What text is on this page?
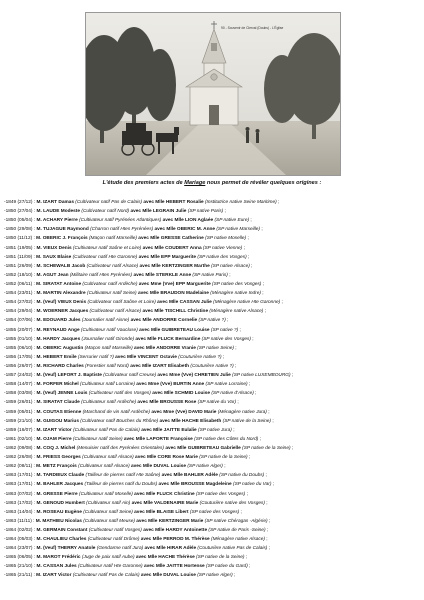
90 - Souvenir de Clerval (Doubs) - L'Église
L'étude des premiers actes de Mariage nous permet de révéler quelques origines :
-1849 (27/12) : M. IZART Damas (Cultivateur natif Pas de Calais) avec Mlle HEBERT Rosalie (Institutrice native Seine Maritime) ;
-1850 (27/04) : M. LAUDE Modeste (Cultivateur natif Nord) avec Mlle LEGRAIN Julie (SP native Paris) ;
-1850 (05/04) : M. ACHARY Pierre (Cultivateur natif Pyrénées Atlantiques) avec Mlle LION Aglaée (SP native Eure) ;
-1850 (29/08) : M. TUJAGUE Raymond (Charron natif Htes Pyrénées) avec Mlle OBERIC M. Anne (SP native Marseille) ;
-1850 (11/12) : M. OBERIC J. François (Maçon natif Marseille) avec Mlle GRESSE Catherine (SP native Moselle) ;
-1851 (19/05) : M. VIEUX Denis (Cultivateur natif Saône et Loire) avec Mlle COUDERT Anna (SP native Vienne) ;
-1851 (11/09) : M. SAUX Blaise (Cultivateur natif Hte Garonne) avec Mlle EPP Marguerite (SP native des Vosges) ;
-1851 (26/09) : M. SCHEWALB Jacob (Cultivateur natif Alsace) avec Mlle KERTZINGER Marthe (SP native Alsace) ;
-1852 (18/10) : M. AGUT Jean (Militaire natif Htes Pyrénées) avec Mlle STERKLE Anne (SP native Paris) ;
-1852 (06/11) : M. SIRATAT Antoine (Cultivateur natif Ardèche) avec Mme (Vve) EPP Marguerite (SP native des Vosges) ;
-1854 (23/01) : M. MARTIN Alexandre (Cultivateur natif Seine) avec Mlle BRAUDON Madelaine (Ménagère native Indre) ;
-1854 (27/02) : M. (Veuf) VIEUX Denis (Cultivateur natif Saône et Loire) avec Mlle CASSAN Julie (Ménagère native Hte Garonne) ;
-1854 (29/04) : M. WOERNER Jacques (Cultivateur natif Alsace) avec Mlle TISCHILL Christine (Ménagère native Alsace) ;
-1854 (07/06) : M. EDOUARD Jules (Journalier natif Aisne) avec Mlle ANDORRE Cornelie (SP native ?) ;
-1855 (20/07) : M. REYNAUD Ange (Cultivateur natif Vaucluse) avec Mlle GUIBRETEAU Louise (SP native ?) ;
-1855 (01/10) : M. HARDY Jacques (Journalier natif Gironde) avec Mlle FLUCK Bernardine (SP native des Vosges) ;
-1855 (06/10) : M. OBERIC Augustin (Maçon natif Marseille) avec Mlle ANDORRE Vranie (SP native Seine) ;
-1856 (17/05) : M. HEBERT Emile (Serrurier natif ?) avec Mlle VINCENT Octavie (Couturière native ?) ;
-1856 (26/07) : M. RICHARD Charles (Forestier natif Nord) avec Mlle IZART Elisabeth (Couturière native ?) ;
-1857 (24/02) : M. (Veuf) LEFORT J. Baptiste (Cultivateur natif Creuse) avec Mme (Vve) CHRETIEN Julie (SP native LUXEMBOURG) ;
-1858 (14/07) : M. FORFER Michel (Cultivateur natif Lorraine) avec Mme (Vve) BURTIN Anne (SP native Lorraine) ;
-1858 (03/08) : M. (Veuf) JENNE Louis (Cultivateur natif des Vosges) avec Mlle SCHMID Louise (SP native d'Alsace) ;
-1859 (26/01) : M. SIRATAT Claude (Cultivateur natif Ardèche) avec Mlle BROUSSE Rose (SP native du Var) ;
-1859 (05/01) : M. COUTAS Etienne (Marchand de vin natif Ardèche) avec Mme (Vve) DAVID Marie (Ménagère native Jura) ;
-1859 (21/10) : M. GUIGOU Marius (Cultivateur natif Bouches du Rhône) avec Mlle HACHE Elisabeth (SP native de la Seine) ;
-1859 (16/07) : M. IZART Victor (Cultivateur natif Pas de Calais) avec Mlle JAITTE Eulalie (SP native Jura) ;
-1861 (02/10) : M. OJAM Pierre (Cultivateur natif Seine) avec Mlle LAPORTE Françoise (SP native des Côtes du Nord) ;
-1862 (09/08) : M. COQ J. Michel (Menuisier natif des Pyrénées Orientales) avec Mlle GUIBRETEAU Gabrielle (SP native de la Seine) ;
-1862 (26/08) : M. FRIESS Georges (Cultivateur natif Alsace) avec Mlle CORE Rose Marie (SP native de la Seine) ;
-1862 (08/11) : M. METZ François (Cultivateur natif Alsace) avec Mlle DUVAL Louise (SP native Alger) ;
-1863 (17/01) : M. TARDIEUX Claude (Tailleur de pierres natif Hte Saône) avec Mlle BAHLER Adèle (SP native du Doubs) ;
-1863 (17/01) : M. BAHLER Jacques (Tailleur de pierres natif du Doubs) avec Mlle BROUSSE Magdeleine (SP native du Var) ;
-1863 (07/02) : M. GRESSE Pierre (Cultivateur natif Moselle) avec Mlle FLUCK Christine (SP native des Vosges) ;
-1863 (17/02) : M. GENOUD Humbert (Cultivateur natif Ain) avec Mlle VALDENAIRE Marie (Couturière native des Vosges) ;
-1863 (14/04) : M. ROSEAU Eugène (Cultivateur natif Seine) avec Mlle BLAISE Libert (SP native des Vosges) ;
-1863 (11/11) : M. MATHIEU Nicolas (Cultivateur natif Meuse) avec Mlle KERTZINGER Marie (SP native Chéragas -Algérie) ;
-1864 (02/02) : M. GERMAIN Constant (Cultivateur natif Vosges) avec Mlle HARDY Antoinette (SP native de Paris -Seine) ;
-1864 (05/03) : M. CHAULIEU Charles (Cultivateur natif Drôme) avec Mlle PERROD M. Thérèse (Ménagère native Alsace) ;
-1864 (23/07) : M. (Veuf) THERRY Anatole (Gendarme natif Jura) avec Mlle HIRAR Adèle (Couturière native Pas de Calais) ;
-1865 (06/05) : M. MAROT Frédéric (Juge de paix natif Aube) avec Mlle HACHE Thérèse (SP native de la Seine) ;
-1865 (21/10) : M. CASSAN Jules (Cultivateur natif Hte Garonne) avec Mlle JAITTE Hortense (SP native du Gard) ;
-1865 (21/11) : M. IZART Victor (Cultivateur natif Pas de Calais) avec Mlle DUVAL Louise (SP native Alger) ;
